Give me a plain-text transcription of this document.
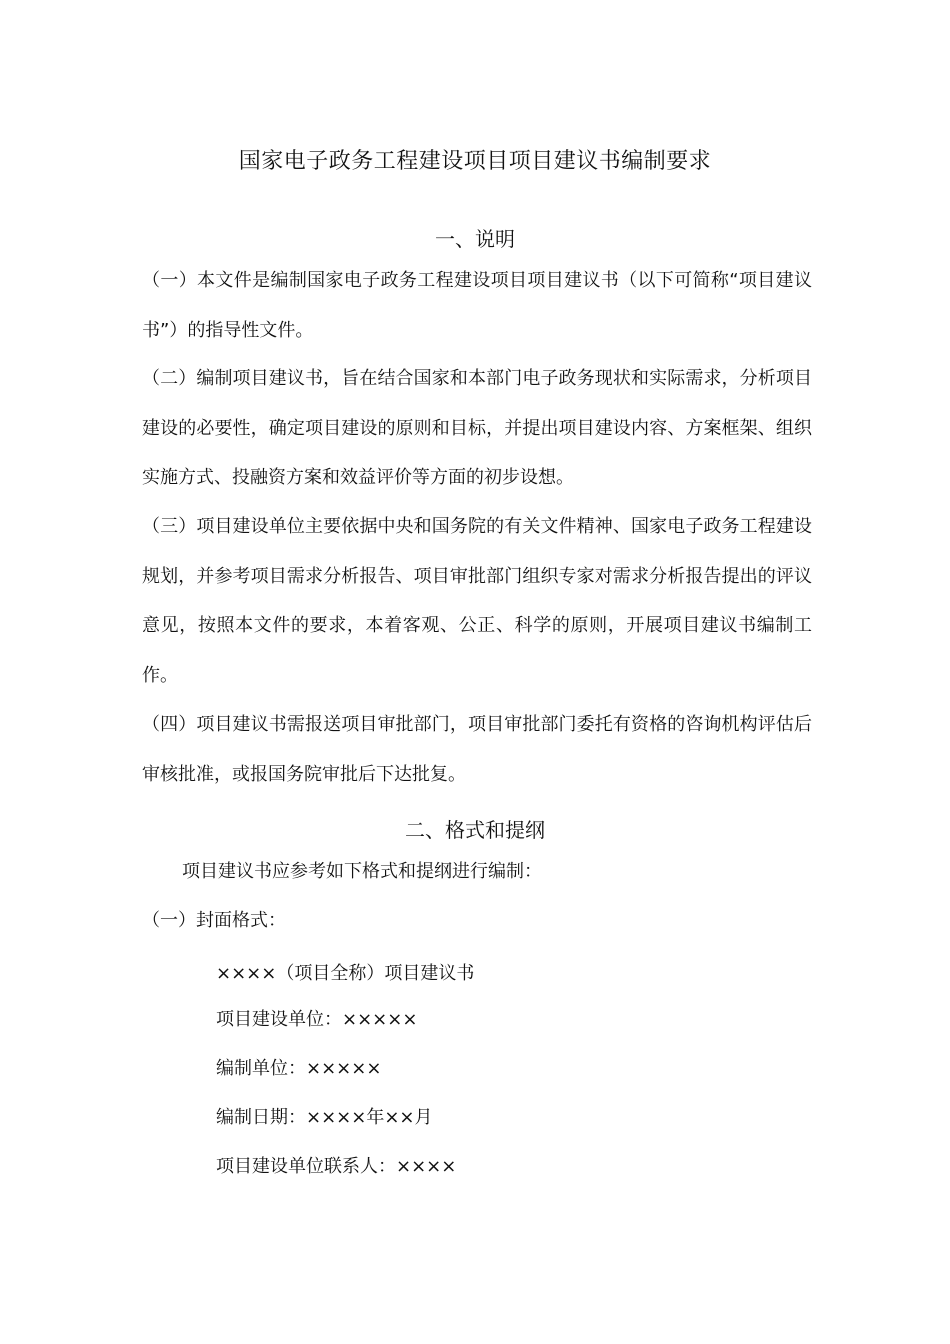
国家电子政务工程建设项目项目建议书编制要求
一、说明
（一）本文件是编制国家电子政务工程建设项目项目建议书（以下可简称“项目建议书”）的指导性文件。
（二）编制项目建议书，旨在结合国家和本部门电子政务现状和实际需求，分析项目建设的必要性，确定项目建设的原则和目标，并提出项目建设内容、方案框架、组织实施方式、投融资方案和效益评价等方面的初步设想。
（三）项目建设单位主要依据中央和国务院的有关文件精神、国家电子政务工程建设规划，并参考项目需求分析报告、项目审批部门组织专家对需求分析报告提出的评议意见，按照本文件的要求，本着客观、公正、科学的原则，开展项目建议书编制工作。
（四）项目建议书需报送项目审批部门，项目审批部门委托有资格的咨询机构评估后审核批准，或报国务院审批后下达批复。
二、格式和提纲
项目建议书应参考如下格式和提纲进行编制：
（一）封面格式：
××××（项目全称）项目建议书
项目建设单位：×××××
编制单位：×××××
编制日期：××××年××月
项目建设单位联系人：××××
